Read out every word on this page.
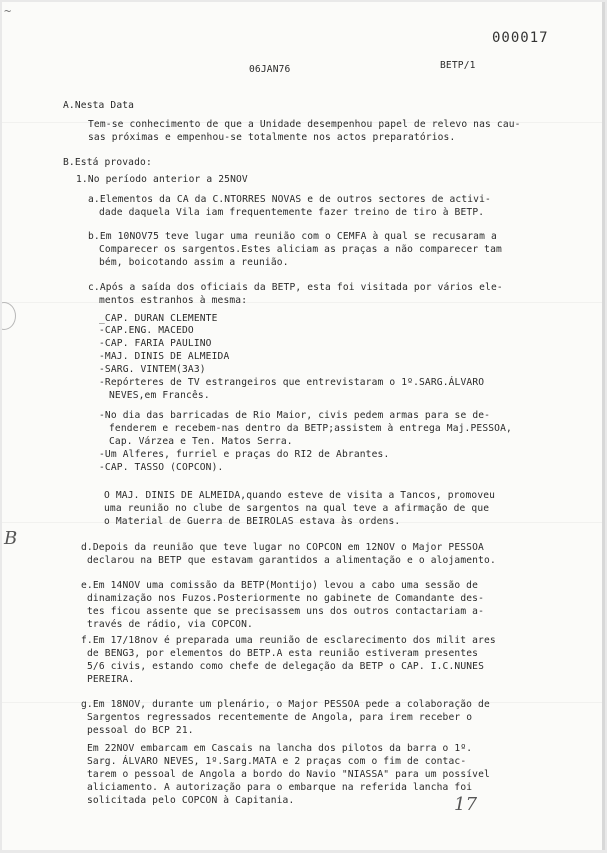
~
000017
06JAN76	BETP/1
A.Nesta Data
Tem-se conhecimento de que a Unidade desempenhou papel de relevo nas cau-
sas próximas e empenhou-se totalmente nos actos preparatórios.
B.Está provado:
1.No período anterior a 25NOV
a.Elementos da CA da C.NTORRES NOVAS e de outros sectores de activi-
dade daquela Vila iam frequentemente fazer treino de tiro à BETP.
b.Em 10NOV75 teve lugar uma reunião com o CEMFA à qual se recusaram a
Comparecer os sargentos.Estes aliciam as praças a não comparecer tam
bém, boicotando assim a reunião.
c.Após a saída dos oficiais da BETP, esta foi visitada por vários ele-
mentos estranhos à mesma:
_CAP. DURAN CLEMENTE
-CAP.ENG. MACEDO
-CAP. FARIA PAULINO
-MAJ. DINIS DE ALMEIDA
-SARG. VINTEM(3A3)
-Repórteres de TV estrangeiros que entrevistaram o 1º.SARG.ÁLVARO
NEVES,em Francês.
-No dia das barricadas de Rio Maior, civis pedem armas para se de-
fenderem e recebem-nas dentro da BETP;assistem à entrega Maj.PESSOA,
Cap. Várzea e Ten. Matos Serra.
-Um Alferes, furriel e praças do RI2 de Abrantes.
-CAP. TASSO (COPCON).
O MAJ. DINIS DE ALMEIDA,quando esteve de visita a Tancos, promoveu
uma reunião no clube de sargentos na qual teve a afirmação de que
o Material de Guerra de BEIROLAS estava às ordens.
B	d.Depois da reunião que teve lugar no COPCON em 12NOV o Major PESSOA
declarou na BETP que estavam garantidos a alimentação e o alojamento.
e.Em 14NOV uma comissão da BETP(Montijo) levou a cabo uma sessão de
dinamização nos Fuzos.Posteriormente no gabinete de Comandante des-
tes ficou assente que se precisassem uns dos outros contactariam a-
través de rádio, via COPCON.
f.Em 17/18nov é preparada uma reunião de esclarecimento dos milit ares
de BENG3, por elementos do BETP.A esta reunião estiveram presentes
5/6 civis, estando como chefe de delegação da BETP o CAP. I.C.NUNES
PEREIRA.
g.Em 18NOV, durante um plenário, o Major PESSOA pede a colaboração de
Sargentos regressados recentemente de Angola, para irem receber o
pessoal do BCP 21.
Em 22NOV embarcam em Cascais na lancha dos pilotos da barra o 1º.
Sarg. ÁLVARO NEVES, 1º.Sarg.MATA e 2 praças com o fim de contac-
tarem o pessoal de Angola a bordo do Navio "NIASSA" para um possível
aliciamento. A autorização para o embarque na referida lancha foi
solicitada pelo COPCON à Capitania.	17
